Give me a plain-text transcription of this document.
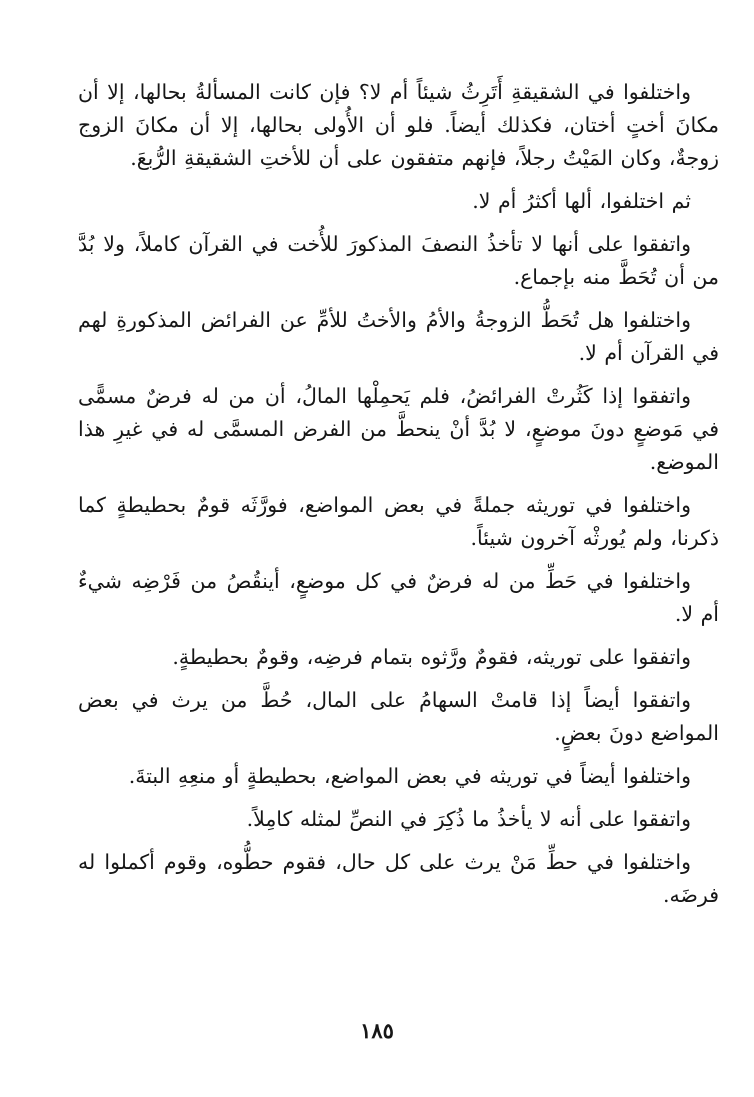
واختلفوا في الشقيقةِ أَتَرِثُ شيئاً أم لا؟ فإن كانت المسألةُ بحالها، إلا أن مكانَ أختٍ أختان، فكذلك أيضاً. فلو أن الأُولى بحالها، إلا أن مكانَ الزوج زوجةٌ، وكان المَيْتُ رجلاً، فإنهم متفقون على أن للأختِ الشقيقةِ الرُّبعَ.

ثم اختلفوا، ألها أكثرُ أم لا.

واتفقوا على أنها لا تأخذُ النصفَ المذكورَ للأُخت في القرآن كاملاً، ولا بُدَّ من أن تُحَطَّ منه بإجماع.

واختلفوا هل تُحَطُّ الزوجةُ والأمُ والأختُ للأمِّ عن الفرائض المذكورةِ لهم في القرآن أم لا.

واتفقوا إذا كَثُرتْ الفرائضُ، فلم يَحمِلْها المالُ، أن من له فرضٌ مسمًّى في مَوضعٍ دونَ موضعٍ، لا بُدَّ أنْ ينحطَّ من الفرض المسمَّى له في غيرِ هذا الموضع.

واختلفوا في توريثه جملةً في بعض المواضع، فورَّثَه قومٌ بحطيطةٍ كما ذكرنا، ولم يُورثْه آخرون شيئاً.

واختلفوا في حَطِّ من له فرضٌ في كل موضعٍ، أينقُصُ من فَرْضِه شيءٌ أم لا.

واتفقوا على توريثه، فقومٌ ورَّثوه بتمام فرضِه، وقومٌ بحطيطةٍ.

واتفقوا أيضاً إذا قامتْ السهامُ على المال، حُطَّ من يرث في بعض المواضع دونَ بعضٍ.

واختلفوا أيضاً في توريثه في بعض المواضع، بحطيطةٍ أو منعِهِ البتةَ.

واتفقوا على أنه لا يأخذُ ما ذُكِرَ في النصِّ لمثله كامِلاً.

واختلفوا في حطِّ مَنْ يرث على كل حال، فقوم حطُّوه، وقوم أكملوا له فرضَه.

١٨٥
